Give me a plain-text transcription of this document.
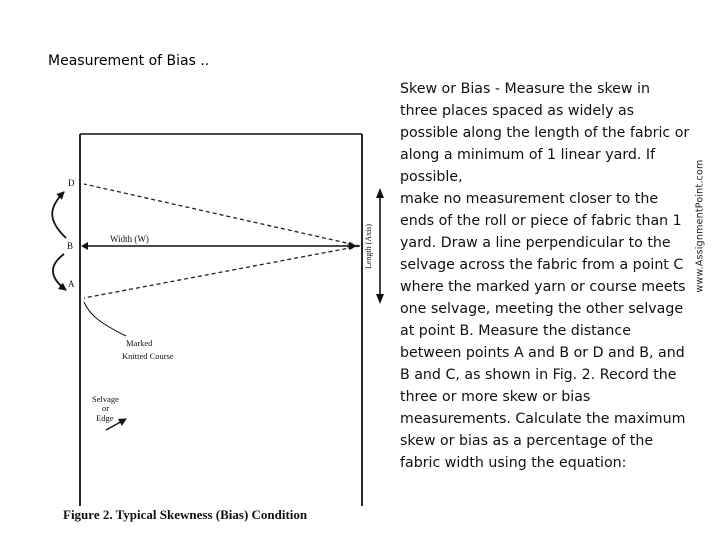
Measurement of Bias ..
Skew or Bias - Measure the skew in
three places spaced as widely as
possible along the length of the fabric or
along a minimum of 1 linear yard. If
possible,
make no measurement closer to the
ends of the roll or piece of fabric than 1
yard. Draw a line perpendicular to the
selvage across the fabric from a point C
where the marked yarn or course meets
one selvage, meeting the other selvage
at point B. Measure the distance
between points A and B or D and B, and
B and C, as shown in Fig. 2. Record the
three or more skew or bias
measurements. Calculate the maximum
skew or bias as a percentage of the
fabric width using the equation:
www.AssignmentPoint.com
D
B
A
C
Width (W)	Length (Axis)
Marked
Knitted Course
Selvage
or
Edge
Figure 2. Typical Skewness (Bias) Condition
